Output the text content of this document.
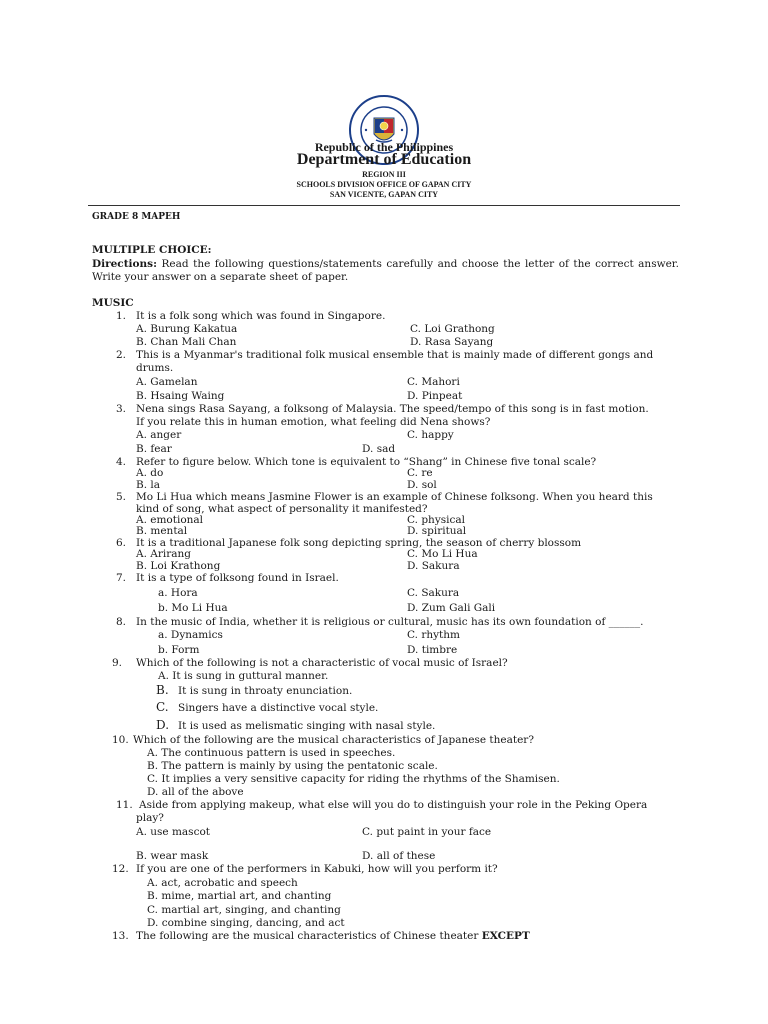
Republic of the Philippines
Department of Education
REGION III
SCHOOLS DIVISION OFFICE OF GAPAN CITY
SAN VICENTE, GAPAN CITY
GRADE 8 MAPEH
MULTIPLE CHOICE:
Directions: Read the following questions/statements carefully and choose the letter of the correct answer. Write your answer on a separate sheet of paper.
MUSIC
1. It is a folk song which was found in Singapore.
A. Burung Kakatua	C. Loi Grathong
B. Chan Mali Chan	D. Rasa Sayang
2. This is a Myanmar's traditional folk musical ensemble that is mainly made of different gongs and
drums.
A. Gamelan	C. Mahori
B. Hsaing Waing	D. Pinpeat
3. Nena sings Rasa Sayang, a folksong of Malaysia. The speed/tempo of this song is in fast motion.
If you relate this in human emotion, what feeling did Nena shows?
A. anger	C. happy
B. fear	D. sad
4. Refer to figure below. Which tone is equivalent to “Shang” in Chinese five tonal scale?
A. do	C. re
B. la	D. sol
5. Mo Li Hua which means Jasmine Flower is an example of Chinese folksong. When you heard this
kind of song, what aspect of personality it manifested?
A. emotional	C. physical
B. mental	D. spiritual
6. It is a traditional Japanese folk song depicting spring, the season of cherry blossom
A. Arirang	C. Mo Li Hua
B. Loi Krathong	D. Sakura
7. It is a type of folksong found in Israel.
a. Hora	C. Sakura
b. Mo Li Hua	D. Zum Gali Gali
8. In the music of India, whether it is religious or cultural, music has its own foundation of ______.
a. Dynamics	C. rhythm
b. Form	D. timbre
9. Which of the following is not a characteristic of vocal music of Israel?
A. It is sung in guttural manner.
B. It is sung in throaty enunciation.
C. Singers have a distinctive vocal style.
D. It is used as melismatic singing with nasal style.
10. Which of the following are the musical characteristics of Japanese theater?
A. The continuous pattern is used in speeches.
B. The pattern is mainly by using the pentatonic scale.
C. It implies a very sensitive capacity for riding the rhythms of the Shamisen.
D. all of the above
11. Aside from applying makeup, what else will you do to distinguish your role in the Peking Opera
play?
A. use mascot	C. put paint in your face
B. wear mask	D. all of these
12. If you are one of the performers in Kabuki, how will you perform it?
A. act, acrobatic and speech
B. mime, martial art, and chanting
C. martial art, singing, and chanting
D. combine singing, dancing, and act
13. The following are the musical characteristics of Chinese theater EXCEPT
